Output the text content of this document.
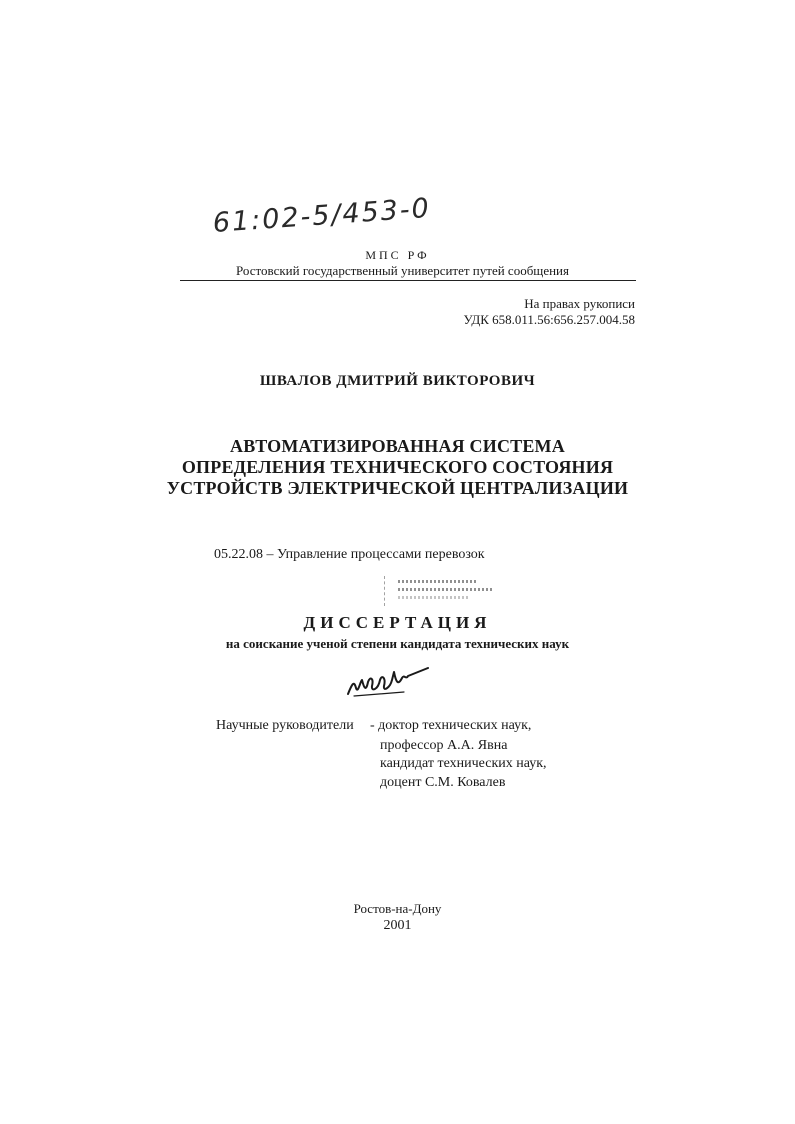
61:02-5/453-0
МПС РФ
Ростовский государственный университет путей сообщения
На правах рукописи
УДК 658.011.56:656.257.004.58
ШВАЛОВ ДМИТРИЙ ВИКТОРОВИЧ
АВТОМАТИЗИРОВАННАЯ СИСТЕМА
ОПРЕДЕЛЕНИЯ ТЕХНИЧЕСКОГО СОСТОЯНИЯ
УСТРОЙСТВ ЭЛЕКТРИЧЕСКОЙ ЦЕНТРАЛИЗАЦИИ
05.22.08 – Управление процессами перевозок
ДИССЕРТАЦИЯ
на соискание ученой степени кандидата технических наук
Научные руководители - доктор технических наук,
профессор А.А. Явна
кандидат технических наук,
доцент С.М. Ковалев
Ростов-на-Дону
2001
